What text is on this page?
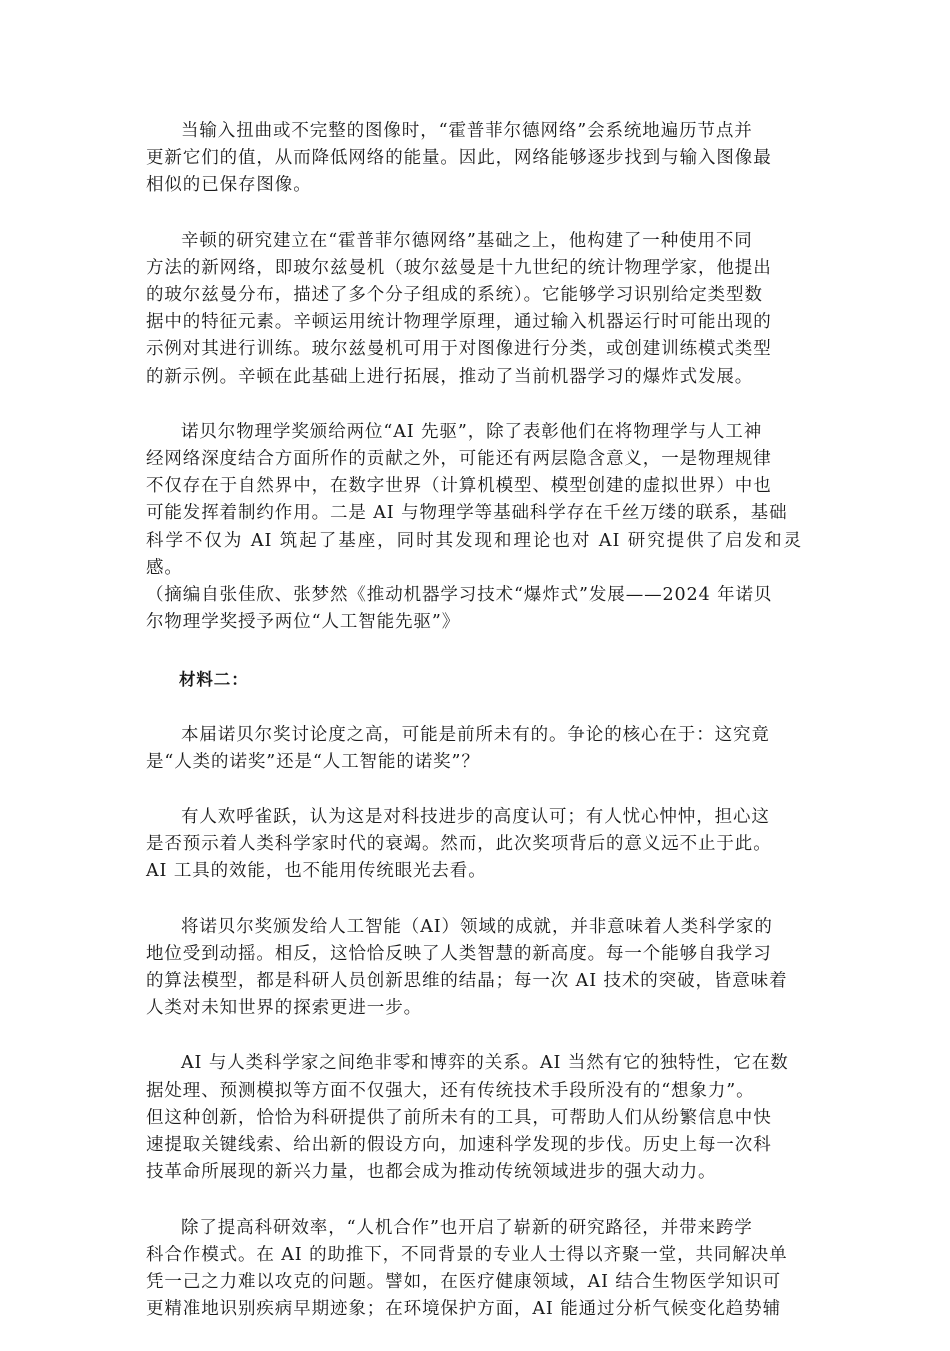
当输入扭曲或不完整的图像时，“霍普菲尔德网络”会系统地遍历节点并
更新它们的值，从而降低网络的能量。因此，网络能够逐步找到与输入图像最
相似的已保存图像。

辛顿的研究建立在“霍普菲尔德网络”基础之上，他构建了一种使用不同
方法的新网络，即玻尔兹曼机（玻尔兹曼是十九世纪的统计物理学家，他提出
的玻尔兹曼分布，描述了多个分子组成的系统）。它能够学习识别给定类型数
据中的特征元素。辛顿运用统计物理学原理，通过输入机器运行时可能出现的
示例对其进行训练。玻尔兹曼机可用于对图像进行分类，或创建训练模式类型
的新示例。辛顿在此基础上进行拓展，推动了当前机器学习的爆炸式发展。

诺贝尔物理学奖颁给两位“AI 先驱”，除了表彰他们在将物理学与人工神
经网络深度结合方面所作的贡献之外，可能还有两层隐含意义，一是物理规律
不仅存在于自然界中，在数字世界（计算机模型、模型创建的虚拟世界）中也
可能发挥着制约作用。二是 AI 与物理学等基础科学存在千丝万缕的联系，基础
科学不仅为 AI 筑起了基座，同时其发现和理论也对 AI 研究提供了启发和灵感。

（摘编自张佳欣、张梦然《推动机器学习技术“爆炸式”发展——2024 年诺贝
尔物理学奖授予两位“人工智能先驱”》

材料二：

本届诺贝尔奖讨论度之高，可能是前所未有的。争论的核心在于：这究竟
是“人类的诺奖”还是“人工智能的诺奖”？

有人欢呼雀跃，认为这是对科技进步的高度认可；有人忧心忡忡，担心这
是否预示着人类科学家时代的衰竭。然而，此次奖项背后的意义远不止于此。
AI 工具的效能，也不能用传统眼光去看。

将诺贝尔奖颁发给人工智能（AI）领域的成就，并非意味着人类科学家的
地位受到动摇。相反，这恰恰反映了人类智慧的新高度。每一个能够自我学习
的算法模型，都是科研人员创新思维的结晶；每一次 AI 技术的突破，皆意味着
人类对未知世界的探索更进一步。

AI 与人类科学家之间绝非零和博弈的关系。AI 当然有它的独特性，它在数
据处理、预测模拟等方面不仅强大，还有传统技术手段所没有的“想象力”。
但这种创新，恰恰为科研提供了前所未有的工具，可帮助人们从纷繁信息中快
速提取关键线索、给出新的假设方向，加速科学发现的步伐。历史上每一次科
技革命所展现的新兴力量，也都会成为推动传统领域进步的强大动力。

除了提高科研效率，“人机合作”也开启了崭新的研究路径，并带来跨学
科合作模式。在 AI 的助推下，不同背景的专业人士得以齐聚一堂，共同解决单
凭一己之力难以攻克的问题。譬如，在医疗健康领域，AI 结合生物医学知识可
更精准地识别疾病早期迹象；在环境保护方面，AI 能通过分析气候变化趋势辅
